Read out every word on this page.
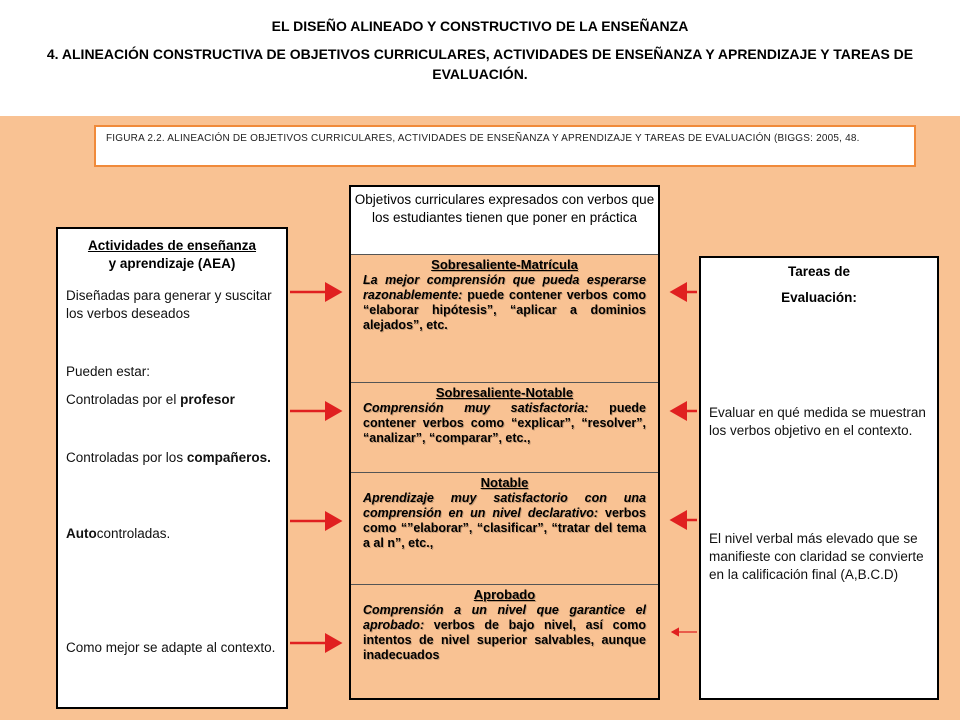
EL DISEÑO ALINEADO Y CONSTRUCTIVO DE LA ENSEÑANZA
4. ALINEACIÓN CONSTRUCTIVA DE OBJETIVOS CURRICULARES, ACTIVIDADES DE ENSEÑANZA Y APRENDIZAJE Y TAREAS DE EVALUACIÓN.
FIGURA 2.2. ALINEACIÓN DE OBJETIVOS CURRICULARES, ACTIVIDADES DE ENSEÑANZA Y APRENDIZAJE Y TAREAS DE EVALUACIÓN (BIGGS: 2005, 48.
Actividades de enseñanza
y aprendizaje (AEA)
Diseñadas para generar y suscitar los verbos deseados
Pueden estar:
Controladas por el profesor
Controladas por los compañeros.
Autocontroladas.
Como mejor se adapte al contexto.
Objetivos curriculares expresados con verbos que los estudiantes tienen que poner en práctica
Sobresaliente-Matrícula
La mejor comprensión que pueda esperarse razonablemente: puede contener verbos como “elaborar hipótesis”, “aplicar a dominios alejados”, etc.
Sobresaliente-Notable
Comprensión muy satisfactoria: puede contener verbos como “explicar”, “resolver”, “analizar”, “comparar”, etc.,
Notable
Aprendizaje muy satisfactorio con una comprensión en un nivel declarativo: verbos como “”elaborar”, “clasificar”, “tratar del tema a al n”, etc.,
Aprobado
Comprensión a un nivel que garantice el aprobado: verbos de bajo nivel, así como intentos de nivel superior salvables, aunque inadecuados
Tareas de
Evaluación:
Evaluar en qué medida se muestran los verbos objetivo en el contexto.
El nivel verbal más elevado que se manifieste con claridad se convierte en la calificación final (A,B.C.D)
